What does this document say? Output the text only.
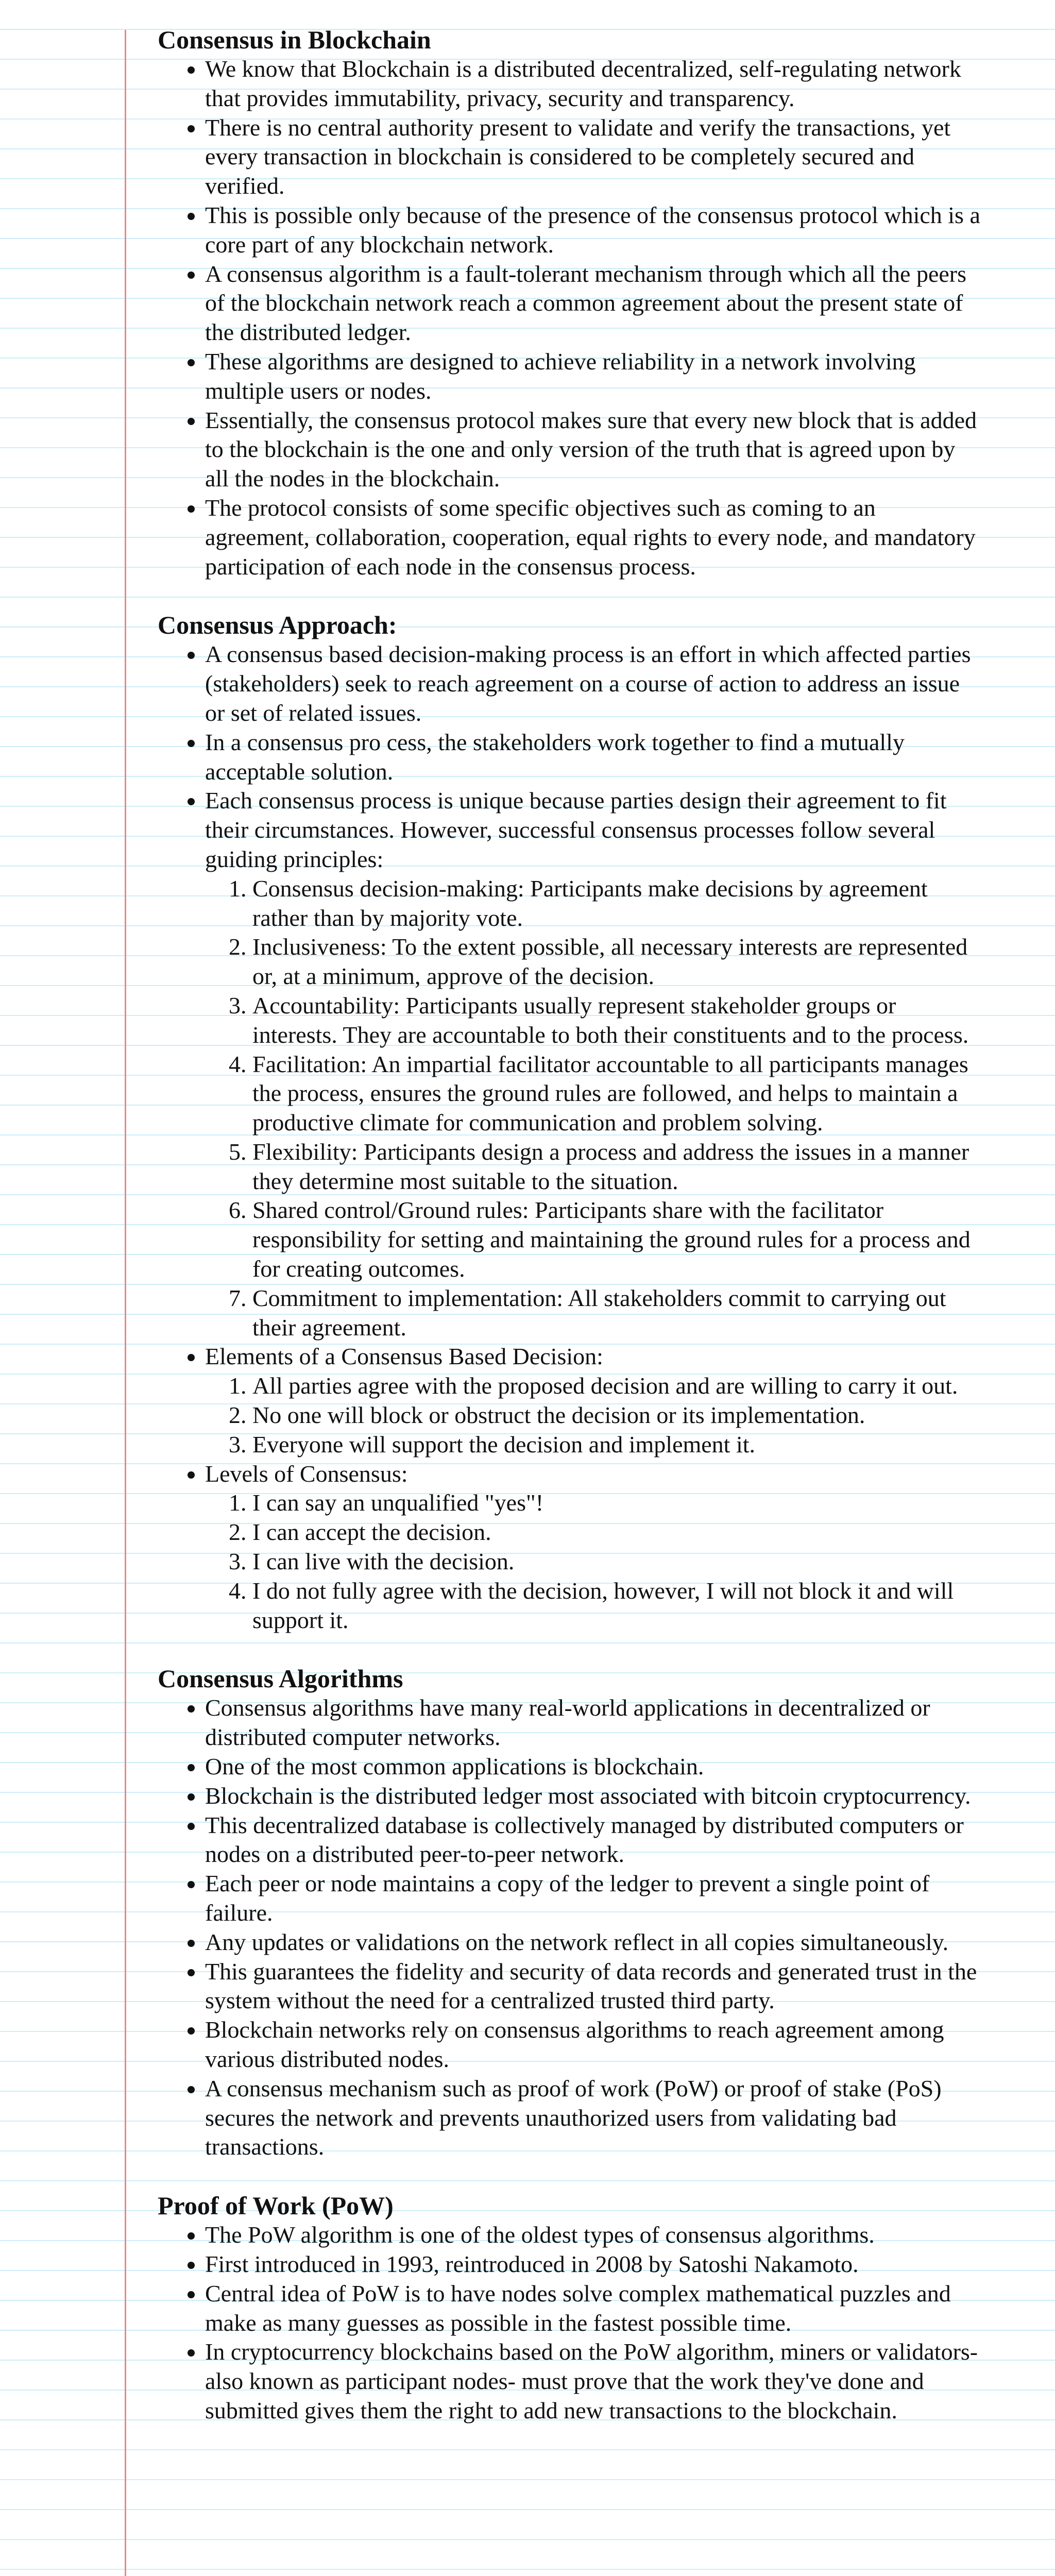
Consensus in Blockchain
• We know that Blockchain is a distributed decentralized, self-regulating network that provides immutability, privacy, security and transparency.
• There is no central authority present to validate and verify the transactions, yet every transaction in blockchain is considered to be completely secured and verified.
• This is possible only because of the presence of the consensus protocol which is a core part of any blockchain network.
• A consensus algorithm is a fault-tolerant mechanism through which all the peers of the blockchain network reach a common agreement about the present state of the distributed ledger.
• These algorithms are designed to achieve reliability in a network involving multiple users or nodes.
• Essentially, the consensus protocol makes sure that every new block that is added to the blockchain is the one and only version of the truth that is agreed upon by all the nodes in the blockchain.
• The protocol consists of some specific objectives such as coming to an agreement, collaboration, cooperation, equal rights to every node, and mandatory participation of each node in the consensus process.
Consensus Approach:
• A consensus based decision-making process is an effort in which affected parties (stakeholders) seek to reach agreement on a course of action to address an issue or set of related issues.
• In a consensus pro cess, the stakeholders work together to find a mutually acceptable solution.
• Each consensus process is unique because parties design their agreement to fit their circumstances. However, successful consensus processes follow several guiding principles:
1. Consensus decision-making: Participants make decisions by agreement rather than by majority vote.
2. Inclusiveness: To the extent possible, all necessary interests are represented or, at a minimum, approve of the decision.
3. Accountability: Participants usually represent stakeholder groups or interests. They are accountable to both their constituents and to the process.
4. Facilitation: An impartial facilitator accountable to all participants manages the process, ensures the ground rules are followed, and helps to maintain a productive climate for communication and problem solving.
5. Flexibility: Participants design a process and address the issues in a manner they determine most suitable to the situation.
6. Shared control/Ground rules: Participants share with the facilitator responsibility for setting and maintaining the ground rules for a process and for creating outcomes.
7. Commitment to implementation: All stakeholders commit to carrying out their agreement.
• Elements of a Consensus Based Decision:
1. All parties agree with the proposed decision and are willing to carry it out.
2. No one will block or obstruct the decision or its implementation.
3. Everyone will support the decision and implement it.
• Levels of Consensus:
1. I can say an unqualified "yes"!
2. I can accept the decision.
3. I can live with the decision.
4. I do not fully agree with the decision, however, I will not block it and will support it.
Consensus Algorithms
• Consensus algorithms have many real-world applications in decentralized or distributed computer networks.
• One of the most common applications is blockchain.
• Blockchain is the distributed ledger most associated with bitcoin cryptocurrency.
• This decentralized database is collectively managed by distributed computers or nodes on a distributed peer-to-peer network.
• Each peer or node maintains a copy of the ledger to prevent a single point of failure.
• Any updates or validations on the network reflect in all copies simultaneously.
• This guarantees the fidelity and security of data records and generated trust in the system without the need for a centralized trusted third party.
• Blockchain networks rely on consensus algorithms to reach agreement among various distributed nodes.
• A consensus mechanism such as proof of work (PoW) or proof of stake (PoS) secures the network and prevents unauthorized users from validating bad transactions.
Proof of Work (PoW)
• The PoW algorithm is one of the oldest types of consensus algorithms.
• First introduced in 1993, reintroduced in 2008 by Satoshi Nakamoto.
• Central idea of PoW is to have nodes solve complex mathematical puzzles and make as many guesses as possible in the fastest possible time.
• In cryptocurrency blockchains based on the PoW algorithm, miners or validators- also known as participant nodes- must prove that the work they've done and submitted gives them the right to add new transactions to the blockchain.
